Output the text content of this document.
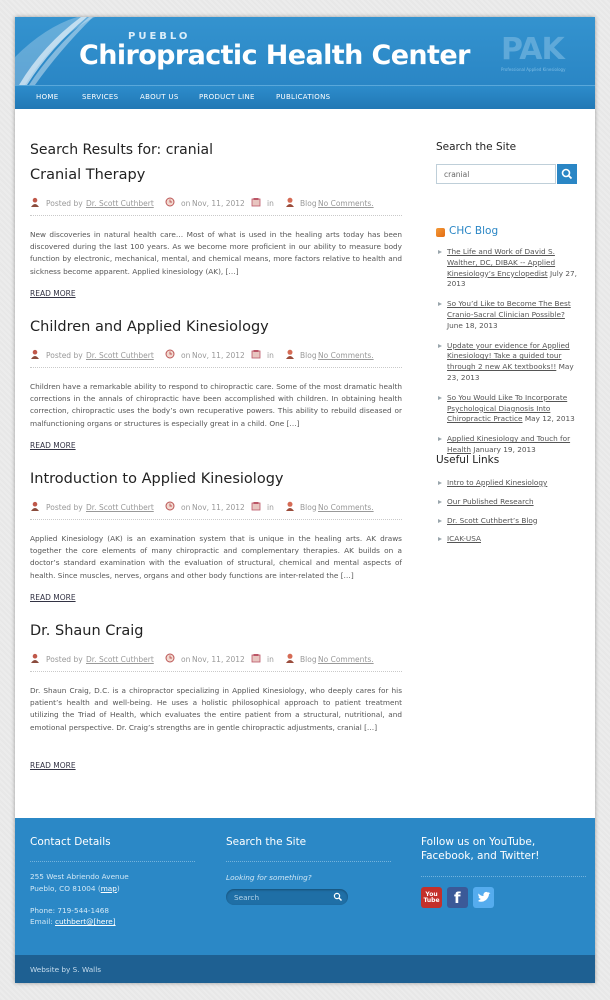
PUEBLO
Chiropractic Health Center PAK
Professional Applied Kinesiology
HOME	SERVICES	ABOUT US	PRODUCT LINE	PUBLICATIONS
Search Results for: cranial
Cranial Therapy
Posted by Dr. Scott Cuthbert	on Nov, 11, 2012	in	Blog No Comments.
New discoveries in natural health care… Most of what is used in the healing arts today has been discovered during the last 100 years. As we become more proficient in our ability to measure body function by electronic, mechanical, mental, and chemical means, more factors relative to health and sickness become apparent. Applied kinesiology (AK), […]
READ MORE
Children and Applied Kinesiology
Posted by Dr. Scott Cuthbert	on Nov, 11, 2012	in	Blog No Comments.
Children have a remarkable ability to respond to chiropractic care. Some of the most dramatic health corrections in the annals of chiropractic have been accomplished with children. In obtaining health correction, chiropractic uses the body’s own recuperative powers. This ability to rebuild diseased or malfunctioning organs or structures is especially great in a child. One […]
READ MORE
Introduction to Applied Kinesiology
Posted by Dr. Scott Cuthbert	on Nov, 11, 2012	in	Blog No Comments.
Applied Kinesiology (AK) is an examination system that is unique in the healing arts. AK draws together the core elements of many chiropractic and complementary therapies. AK builds on a doctor’s standard examination with the evaluation of structural, chemical and mental aspects of health. Since muscles, nerves, organs and other body functions are inter-related the […]
READ MORE
Dr. Shaun Craig
Posted by Dr. Scott Cuthbert	on Nov, 11, 2012	in	Blog No Comments.
Dr. Shaun Craig, D.C. is a chiropractor specializing in Applied Kinesiology, who deeply cares for his patient’s health and well-being. He uses a holistic philosophical approach to patient treatment utilizing the Triad of Health, which evaluates the entire patient from a structural, nutritional, and emotional perspective. Dr. Craig’s strengths are in gentle chiropractic adjustments, cranial […]
READ MORE
Search the Site
cranial
CHC Blog
The Life and Work of David S. Walther, DC, DIBAK -- Applied Kinesiology’s Encyclopedist July 27, 2013
So You’d Like to Become The Best Cranio-Sacral Clinician Possible? June 18, 2013
Update your evidence for Applied Kinesiology! Take a guided tour through 2 new AK textbooks!! May 23, 2013
So You Would Like To Incorporate Psychological Diagnosis Into Chiropractic Practice May 12, 2013
Applied Kinesiology and Touch for Health January 19, 2013
Useful Links
Intro to Applied Kinesiology
Our Published Research
Dr. Scott Cuthbert’s Blog
ICAK-USA
Contact Details
255 West Abriendo Avenue
Pueblo, CO 81004 (map)
Phone: 719-544-1468
Email: cuthbert@[here]
Search the Site
Looking for something?
Search
Follow us on YouTube, Facebook, and Twitter!
You Tube f
Website by S. Walls
